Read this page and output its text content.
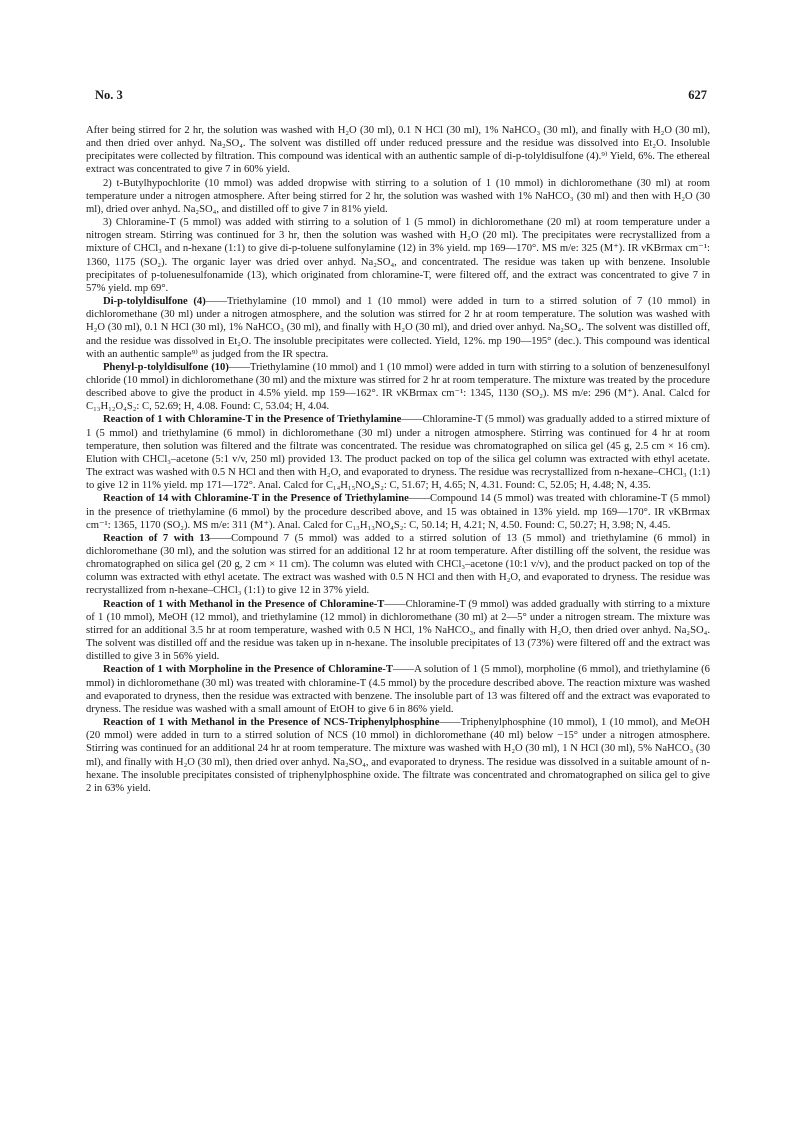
No. 3	627

After being stirred for 2 hr, the solution was washed with H₂O (30 ml), 0.1 N HCl (30 ml), 1% NaHCO₃ (30 ml), and finally with H₂O (30 ml), and then dried over anhyd. Na₂SO₄. The solvent was distilled off under reduced pressure and the residue was dissolved into Et₂O. Insoluble precipitates were collected by filtration. This compound was identical with an authentic sample of di-p-tolyldisulfone (4).⁹⁾ Yield, 6%. The ethereal extract was concentrated to give 7 in 60% yield.

2) t-Butylhypochlorite (10 mmol) was added dropwise with stirring to a solution of 1 (10 mmol) in dichloromethane (30 ml) at room temperature under a nitrogen atmosphere. After being stirred for 2 hr, the solution was washed with 1% NaHCO₃ (30 ml) and then with H₂O (30 ml), dried over anhyd. Na₂SO₄, and distilled off to give 7 in 81% yield.

3) Chloramine-T (5 mmol) was added with stirring to a solution of 1 (5 mmol) in dichloromethane (20 ml) at room temperature under a nitrogen stream. Stirring was continued for 3 hr, then the solution was washed with H₂O (20 ml). The precipitates were recrystallized from a mixture of CHCl₃ and n-hexane (1:1) to give di-p-toluene sulfonylamine (12) in 3% yield. mp 169—170°. MS m/e: 325 (M⁺). IR νKBrmax cm⁻¹: 1360, 1175 (SO₂). The organic layer was dried over anhyd. Na₂SO₄, and concentrated. The residue was taken up with benzene. Insoluble precipitates of p-toluenesulfonamide (13), which originated from chloramine-T, were filtered off, and the extract was concentrated to give 7 in 57% yield. mp 69°.

Di-p-tolyldisulfone (4)——Triethylamine (10 mmol) and 1 (10 mmol) were added in turn to a stirred solution of 7 (10 mmol) in dichloromethane (30 ml) under a nitrogen atmosphere, and the solution was stirred for 2 hr at room temperature. The solution was washed with H₂O (30 ml), 0.1 N HCl (30 ml), 1% NaHCO₃ (30 ml), and finally with H₂O (30 ml), and dried over anhyd. Na₂SO₄. The solvent was distilled off, and the residue was dissolved in Et₂O. The insoluble precipitates were collected. Yield, 12%. mp 190—195° (dec.). This compound was identical with an authentic sample⁹⁾ as judged from the IR spectra.

Phenyl-p-tolyldisulfone (10)——Triethylamine (10 mmol) and 1 (10 mmol) were added in turn with stirring to a solution of benzenesulfonyl chloride (10 mmol) in dichloromethane (30 ml) and the mixture was stirred for 2 hr at room temperature. The mixture was treated by the procedure described above to give the product in 4.5% yield. mp 159—162°. IR νKBrmax cm⁻¹: 1345, 1130 (SO₂). MS m/e: 296 (M⁺). Anal. Calcd for C₁₃H₁₂O₄S₂: C, 52.69; H, 4.08. Found: C, 53.04; H, 4.04.

Reaction of 1 with Chloramine-T in the Presence of Triethylamine——Chloramine-T (5 mmol) was gradually added to a stirred mixture of 1 (5 mmol) and triethylamine (6 mmol) in dichloromethane (30 ml) under a nitrogen atmosphere. Stirring was continued for 4 hr at room temperature, then solution was filtered and the filtrate was concentrated. The residue was chromatographed on silica gel (45 g, 2.5 cm × 16 cm). Elution with CHCl₃–acetone (5:1 v/v, 250 ml) provided 13. The product packed on top of the silica gel column was extracted with ethyl acetate. The extract was washed with 0.5 N HCl and then with H₂O, and evaporated to dryness. The residue was recrystallized from n-hexane–CHCl₃ (1:1) to give 12 in 11% yield. mp 171—172°. Anal. Calcd for C₁₄H₁₅NO₄S₂: C, 51.67; H, 4.65; N, 4.31. Found: C, 52.05; H, 4.48; N, 4.35.

Reaction of 14 with Chloramine-T in the Presence of Triethylamine——Compound 14 (5 mmol) was treated with chloramine-T (5 mmol) in the presence of triethylamine (6 mmol) by the procedure described above, and 15 was obtained in 13% yield. mp 169—170°. IR νKBrmax cm⁻¹: 1365, 1170 (SO₂). MS m/e: 311 (M⁺). Anal. Calcd for C₁₃H₁₃NO₄S₂: C, 50.14; H, 4.21; N, 4.50. Found: C, 50.27; H, 3.98; N, 4.45.

Reaction of 7 with 13——Compound 7 (5 mmol) was added to a stirred solution of 13 (5 mmol) and triethylamine (6 mmol) in dichloromethane (30 ml), and the solution was stirred for an additional 12 hr at room temperature. After distilling off the solvent, the residue was chromatographed on silica gel (20 g, 2 cm × 11 cm). The column was eluted with CHCl₃–acetone (10:1 v/v), and the product packed on top of the column was extracted with ethyl acetate. The extract was washed with 0.5 N HCl and then with H₂O, and evaporated to dryness. The residue was recrystallized from n-hexane–CHCl₃ (1:1) to give 12 in 37% yield.

Reaction of 1 with Methanol in the Presence of Chloramine-T——Chloramine-T (9 mmol) was added gradually with stirring to a mixture of 1 (10 mmol), MeOH (12 mmol), and triethylamine (12 mmol) in dichloromethane (30 ml) at 2—5° under a nitrogen stream. The mixture was stirred for an additional 3.5 hr at room temperature, washed with 0.5 N HCl, 1% NaHCO₃, and finally with H₂O, then dried over anhyd. Na₂SO₄. The solvent was distilled off and the residue was taken up in n-hexane. The insoluble precipitates of 13 (73%) were filtered off and the extract was distilled to give 3 in 56% yield.

Reaction of 1 with Morpholine in the Presence of Chloramine-T——A solution of 1 (5 mmol), morpholine (6 mmol), and triethylamine (6 mmol) in dichloromethane (30 ml) was treated with chloramine-T (4.5 mmol) by the procedure described above. The reaction mixture was washed and evaporated to dryness, then the residue was extracted with benzene. The insoluble part of 13 was filtered off and the extract was evaporated to dryness. The residue was washed with a small amount of EtOH to give 6 in 86% yield.

Reaction of 1 with Methanol in the Presence of NCS-Triphenylphosphine——Triphenylphosphine (10 mmol), 1 (10 mmol), and MeOH (20 mmol) were added in turn to a stirred solution of NCS (10 mmol) in dichloromethane (40 ml) below −15° under a nitrogen atmosphere. Stirring was continued for an additional 24 hr at room temperature. The mixture was washed with H₂O (30 ml), 1 N HCl (30 ml), 5% NaHCO₃ (30 ml), and finally with H₂O (30 ml), then dried over anhyd. Na₂SO₄, and evaporated to dryness. The residue was dissolved in a suitable amount of n-hexane. The insoluble precipitates consisted of triphenylphosphine oxide. The filtrate was concentrated and chromatographed on silica gel to give 2 in 63% yield.
